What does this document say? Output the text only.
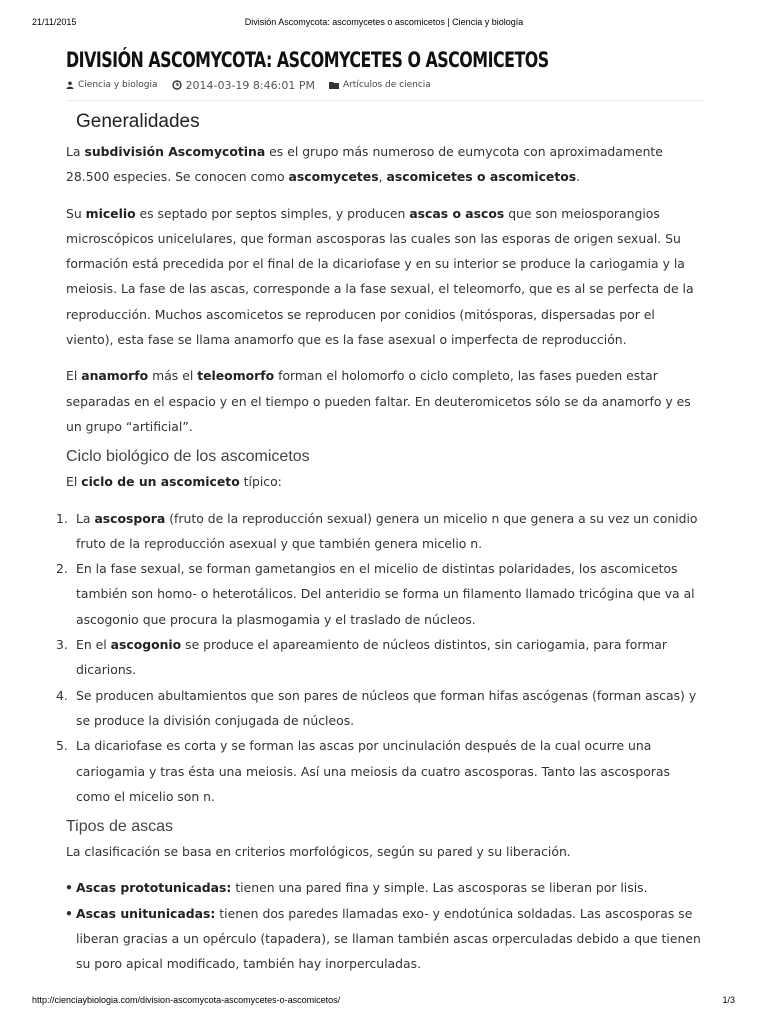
21/11/2015	División Ascomycota: ascomycetes o ascomicetos | Ciencia y biología
DIVISIÓN ASCOMYCOTA: ASCOMYCETES O ASCOMICETOS
Ciencia y biologia	2014-03-19 8:46:01 PM	Artículos de ciencia
Generalidades

La subdivisión Ascomycotina es el grupo más numeroso de eumycota con aproximadamente 28.500 especies. Se conocen como ascomycetes, ascomicetes o ascomicetos.

Su micelio es septado por septos simples, y producen ascas o ascos que son meiosporangios microscópicos unicelulares, que forman ascosporas las cuales son las esporas de origen sexual. Su formación está precedida por el final de la dicariofase y en su interior se produce la cariogamia y la meiosis. La fase de las ascas, corresponde a la fase sexual, el teleomorfo, que es al se perfecta de la reproducción. Muchos ascomicetos se reproducen por conidios (mitósporas, dispersadas por el viento), esta fase se llama anamorfo que es la fase asexual o imperfecta de reproducción.

El anamorfo más el teleomorfo forman el holomorfo o ciclo completo, las fases pueden estar separadas en el espacio y en el tiempo o pueden faltar. En deuteromicetos sólo se da anamorfo y es un grupo “artificial”.

Ciclo biológico de los ascomicetos

El ciclo de un ascomiceto típico:

La ascospora (fruto de la reproducción sexual) genera un micelio n que genera a su vez un conidio fruto de la reproducción asexual y que también genera micelio n.
En la fase sexual, se forman gametangios en el micelio de distintas polaridades, los ascomicetos también son homo- o heterotálicos. Del anteridio se forma un filamento llamado tricógina que va al ascogonio que procura la plasmogamia y el traslado de núcleos.
En el ascogonio se produce el apareamiento de núcleos distintos, sin cariogamia, para formar dicarions.
Se producen abultamientos que son pares de núcleos que forman hifas ascógenas (forman ascas) y se produce la división conjugada de núcleos.
La dicariofase es corta y se forman las ascas por uncinulación después de la cual ocurre una cariogamia y tras ésta una meiosis. Así una meiosis da cuatro ascosporas. Tanto las ascosporas como el micelio son n.
Tipos de ascas

La clasificación se basa en criterios morfológicos, según su pared y su liberación.

• Ascas prototunicadas: tienen una pared fina y simple. Las ascosporas se liberan por lisis.
• Ascas unitunicadas: tienen dos paredes llamadas exo- y endotúnica soldadas. Las ascosporas se liberan gracias a un opérculo (tapadera), se llaman también ascas orperculadas debido a que tienen su poro apical modificado, también hay inorperculadas.
http://cienciaybiologia.com/division-ascomycota-ascomycetes-o-ascomicetos/	1/3
